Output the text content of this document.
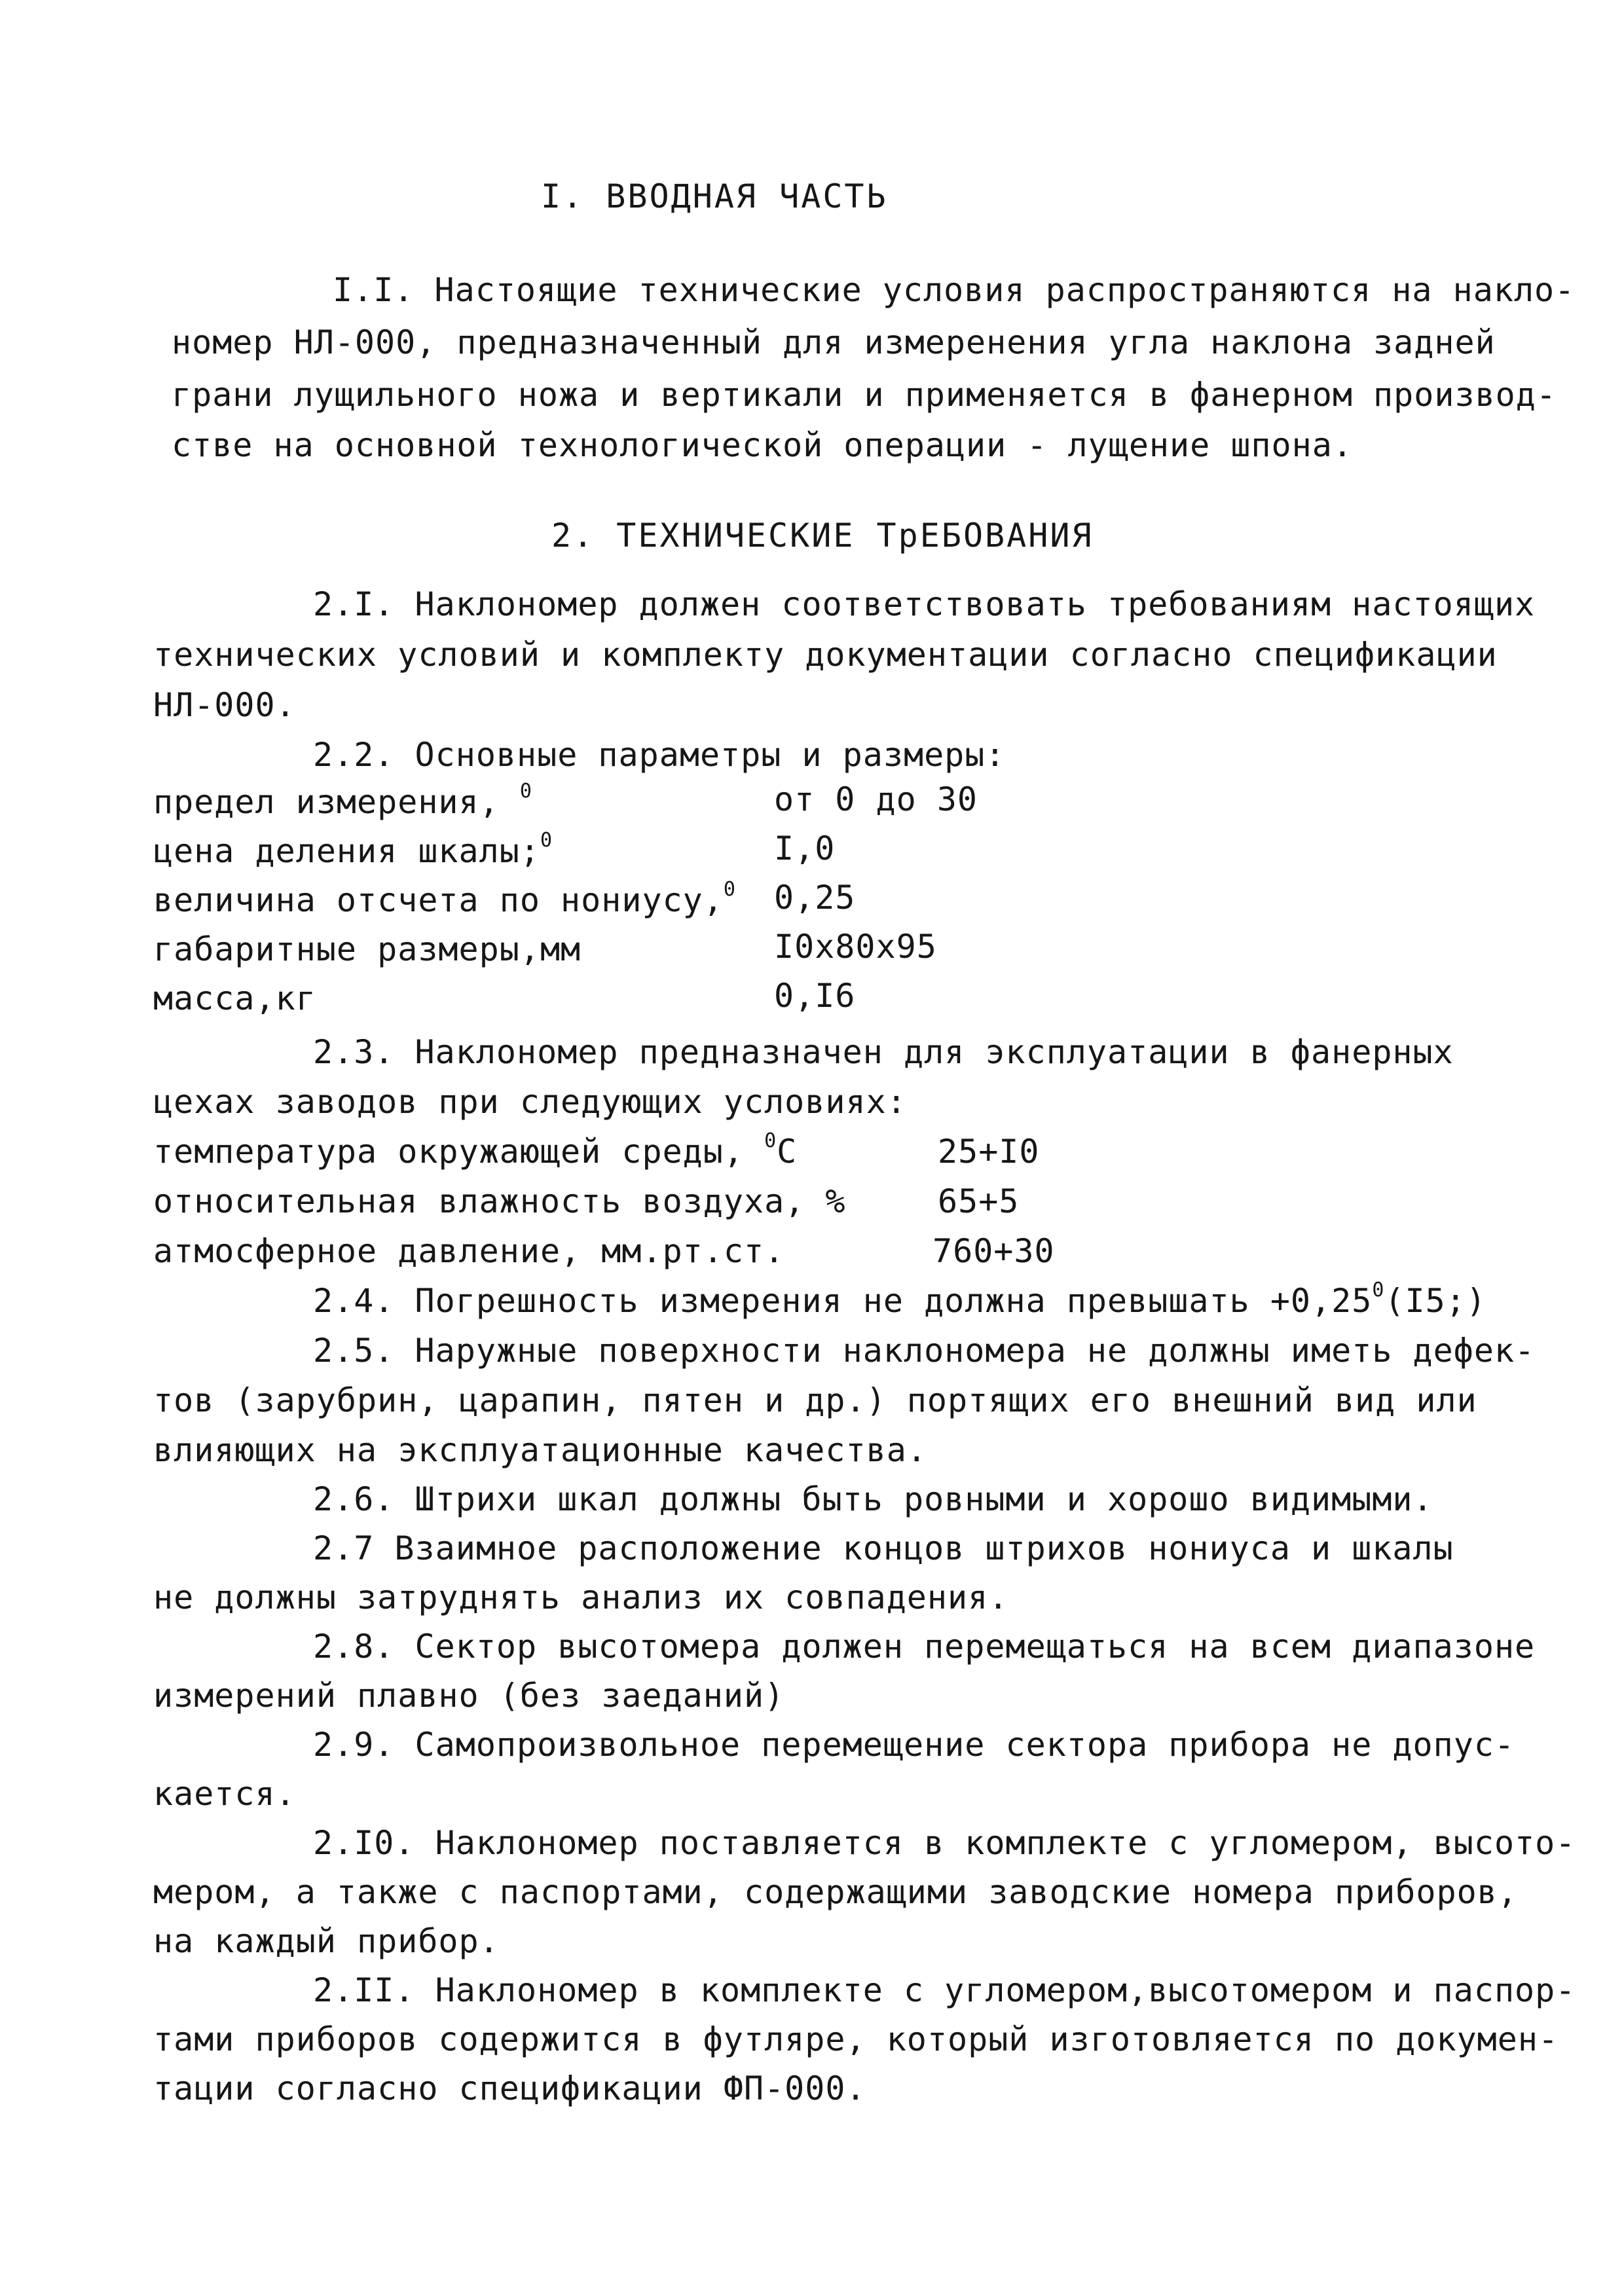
I. ВВОДНАЯ ЧАСТЬ
I.I. Настоящие технические условия распространяются на накло-
номер НЛ-000, предназначенный для измеренения угла наклона задней
грани лущильного ножа и вертикали и применяется в фанерном производ-
стве на основной технологической операции - лущение шпона.
2. ТЕХНИЧЕСКИЕ ТрЕБОВАНИЯ
2.I. Наклономер должен соответствовать требованиям настоящих
технических условий и комплекту документации согласно спецификации
НЛ-000.
2.2. Основные параметры и размеры:
предел измерения, $^0$	от 0 до 30
цена деления шкалы;$^0$	I,0
величина отсчета по нониусу,$^0$ 0,25
габаритные размеры,мм	I0x80x95
масса,кг	0,I6
2.3. Наклономер предназначен для эксплуатации в фанерных
цехах заводов при следующих условиях:
температура окружающей среды, $^0$С	25+I0
относительная влажность воздуха, %	65+5
атмосферное давление, мм.рт.ст.	760+30
2.4. Погрешность измерения не должна превышать $+0,25^0(I5;)$
2.5. Наружные поверхности наклономера не должны иметь дефек-
тов (зарубрин, царапин, пятен и др.) портящих его внешний вид или
влияющих на эксплуатационные качества.
2.6. Штрихи шкал должны быть ровными и хорошо видимыми.
2.7 Взаимное расположение концов штрихов нониуса и шкалы
не должны затруднять анализ их совпадения.
2.8. Сектор высотомера должен перемещаться на всем диапазоне
измерений плавно (без заеданий)
2.9. Самопроизвольное перемещение сектора прибора не допус-
кается.
2.I0. Наклономер поставляется в комплекте с угломером, высото-
мером, а также с паспортами, содержащими заводские номера приборов,
на каждый прибор.
2.II. Наклономер в комплекте с угломером,высотомером и паспор-
тами приборов содержится в футляре, который изготовляется по докумен-
тации согласно спецификации ФП-000.
